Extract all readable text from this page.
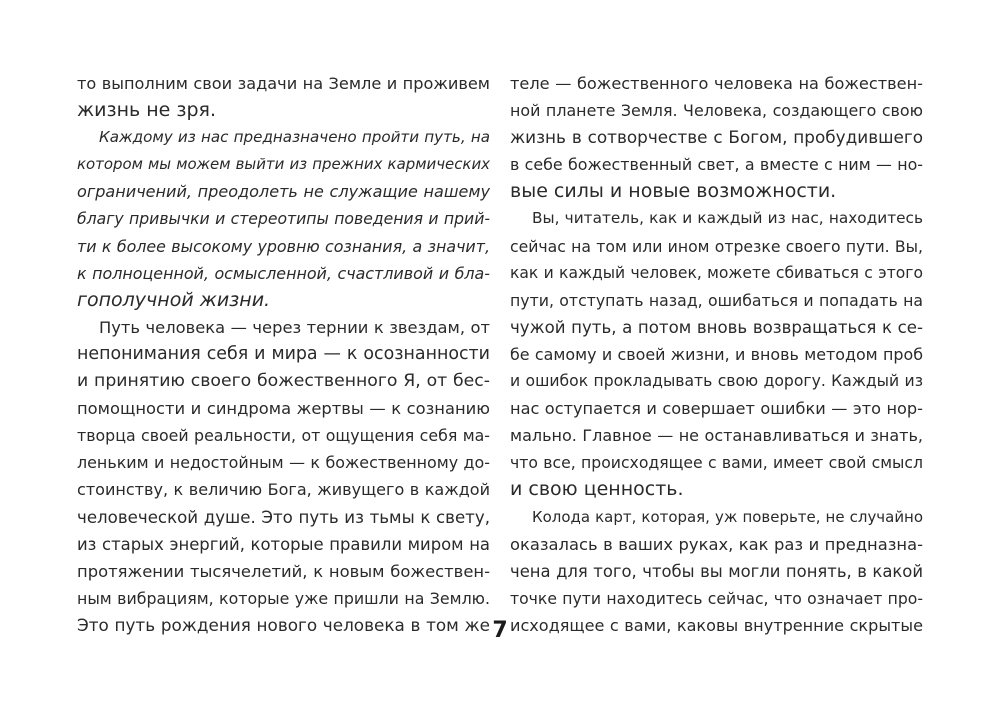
то выполним свои задачи на Земле и проживем
жизнь не зря.
Каждому из нас предназначено пройти путь, на
котором мы можем выйти из прежних кармических
ограничений, преодолеть не служащие нашему
благу привычки и стереотипы поведения и прий-
ти к более высокому уровню сознания, а значит,
к полноценной, осмысленной, счастливой и бла-
гополучной жизни.
Путь человека — через тернии к звездам, от
непонимания себя и мира — к осознанности
и принятию своего божественного Я, от бес-
помощности и синдрома жертвы — к сознанию
творца своей реальности, от ощущения себя ма-
леньким и недостойным — к божественному до-
стоинству, к величию Бога, живущего в каждой
человеческой душе. Это путь из тьмы к свету,
из старых энергий, которые правили миром на
протяжении тысячелетий, к новым божествен-
ным вибрациям, которые уже пришли на Землю.
Это путь рождения нового человека в том же
теле — божественного человека на божествен-
ной планете Земля. Человека, создающего свою
жизнь в сотворчестве с Богом, пробудившего
в себе божественный свет, а вместе с ним — но-
вые силы и новые возможности.
Вы, читатель, как и каждый из нас, находитесь
сейчас на том или ином отрезке своего пути. Вы,
как и каждый человек, можете сбиваться с этого
пути, отступать назад, ошибаться и попадать на
чужой путь, а потом вновь возвращаться к се-
бе самому и своей жизни, и вновь методом проб
и ошибок прокладывать свою дорогу. Каждый из
нас оступается и совершает ошибки — это нор-
мально. Главное — не останавливаться и знать,
что все, происходящее с вами, имеет свой смысл
и свою ценность.
Колода карт, которая, уж поверьте, не случайно
оказалась в ваших руках, как раз и предназна-
чена для того, чтобы вы могли понять, в какой
точке пути находитесь сейчас, что означает про-
исходящее с вами, каковы внутренние скрытые
7
